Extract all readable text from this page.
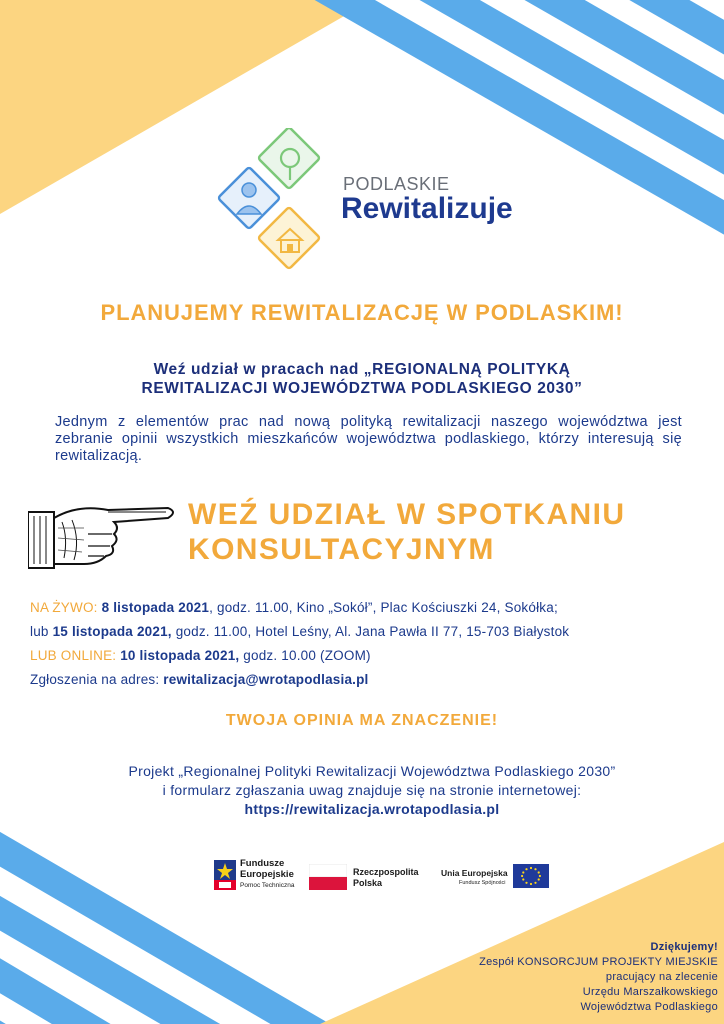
PODLASKIE
Rewitalizuje
PLANUJEMY REWITALIZACJĘ W PODLASKIM!
Weź udział w pracach nad „REGIONALNĄ POLITYKĄ
REWITALIZACJI WOJEWÓDZTWA PODLASKIEGO 2030”
Jednym z elementów prac nad nową polityką rewitalizacji naszego województwa jest zebranie opinii wszystkich mieszkańców województwa podlaskiego, którzy interesują się rewitalizacją.
WEŹ UDZIAŁ W SPOTKANIU
KONSULTACYJNYM
NA ŻYWO: 8 listopada 2021, godz. 11.00, Kino „Sokół”, Plac Kościuszki 24, Sokółka;
lub 15 listopada 2021, godz. 11.00, Hotel Leśny, Al. Jana Pawła II 77, 15-703 Białystok
LUB ONLINE: 10 listopada 2021, godz. 10.00 (ZOOM)
Zgłoszenia na adres: rewitalizacja@wrotapodlasia.pl
TWOJA OPINIA MA ZNACZENIE!
Projekt „Regionalnej Polityki Rewitalizacji Województwa Podlaskiego 2030”
i formularz zgłaszania uwag znajduje się na stronie internetowej:
https://rewitalizacja.wrotapodlasia.pl
Fundusze
Europejskie
Pomoc Techniczna
Rzeczpospolita
Polska
Unia Europejska
Fundusz Spójności
Dziękujemy!
Zespół KONSORCJUM PROJEKTY MIEJSKIE
pracujący na zlecenie
Urzędu Marszałkowskiego
Województwa Podlaskiego
